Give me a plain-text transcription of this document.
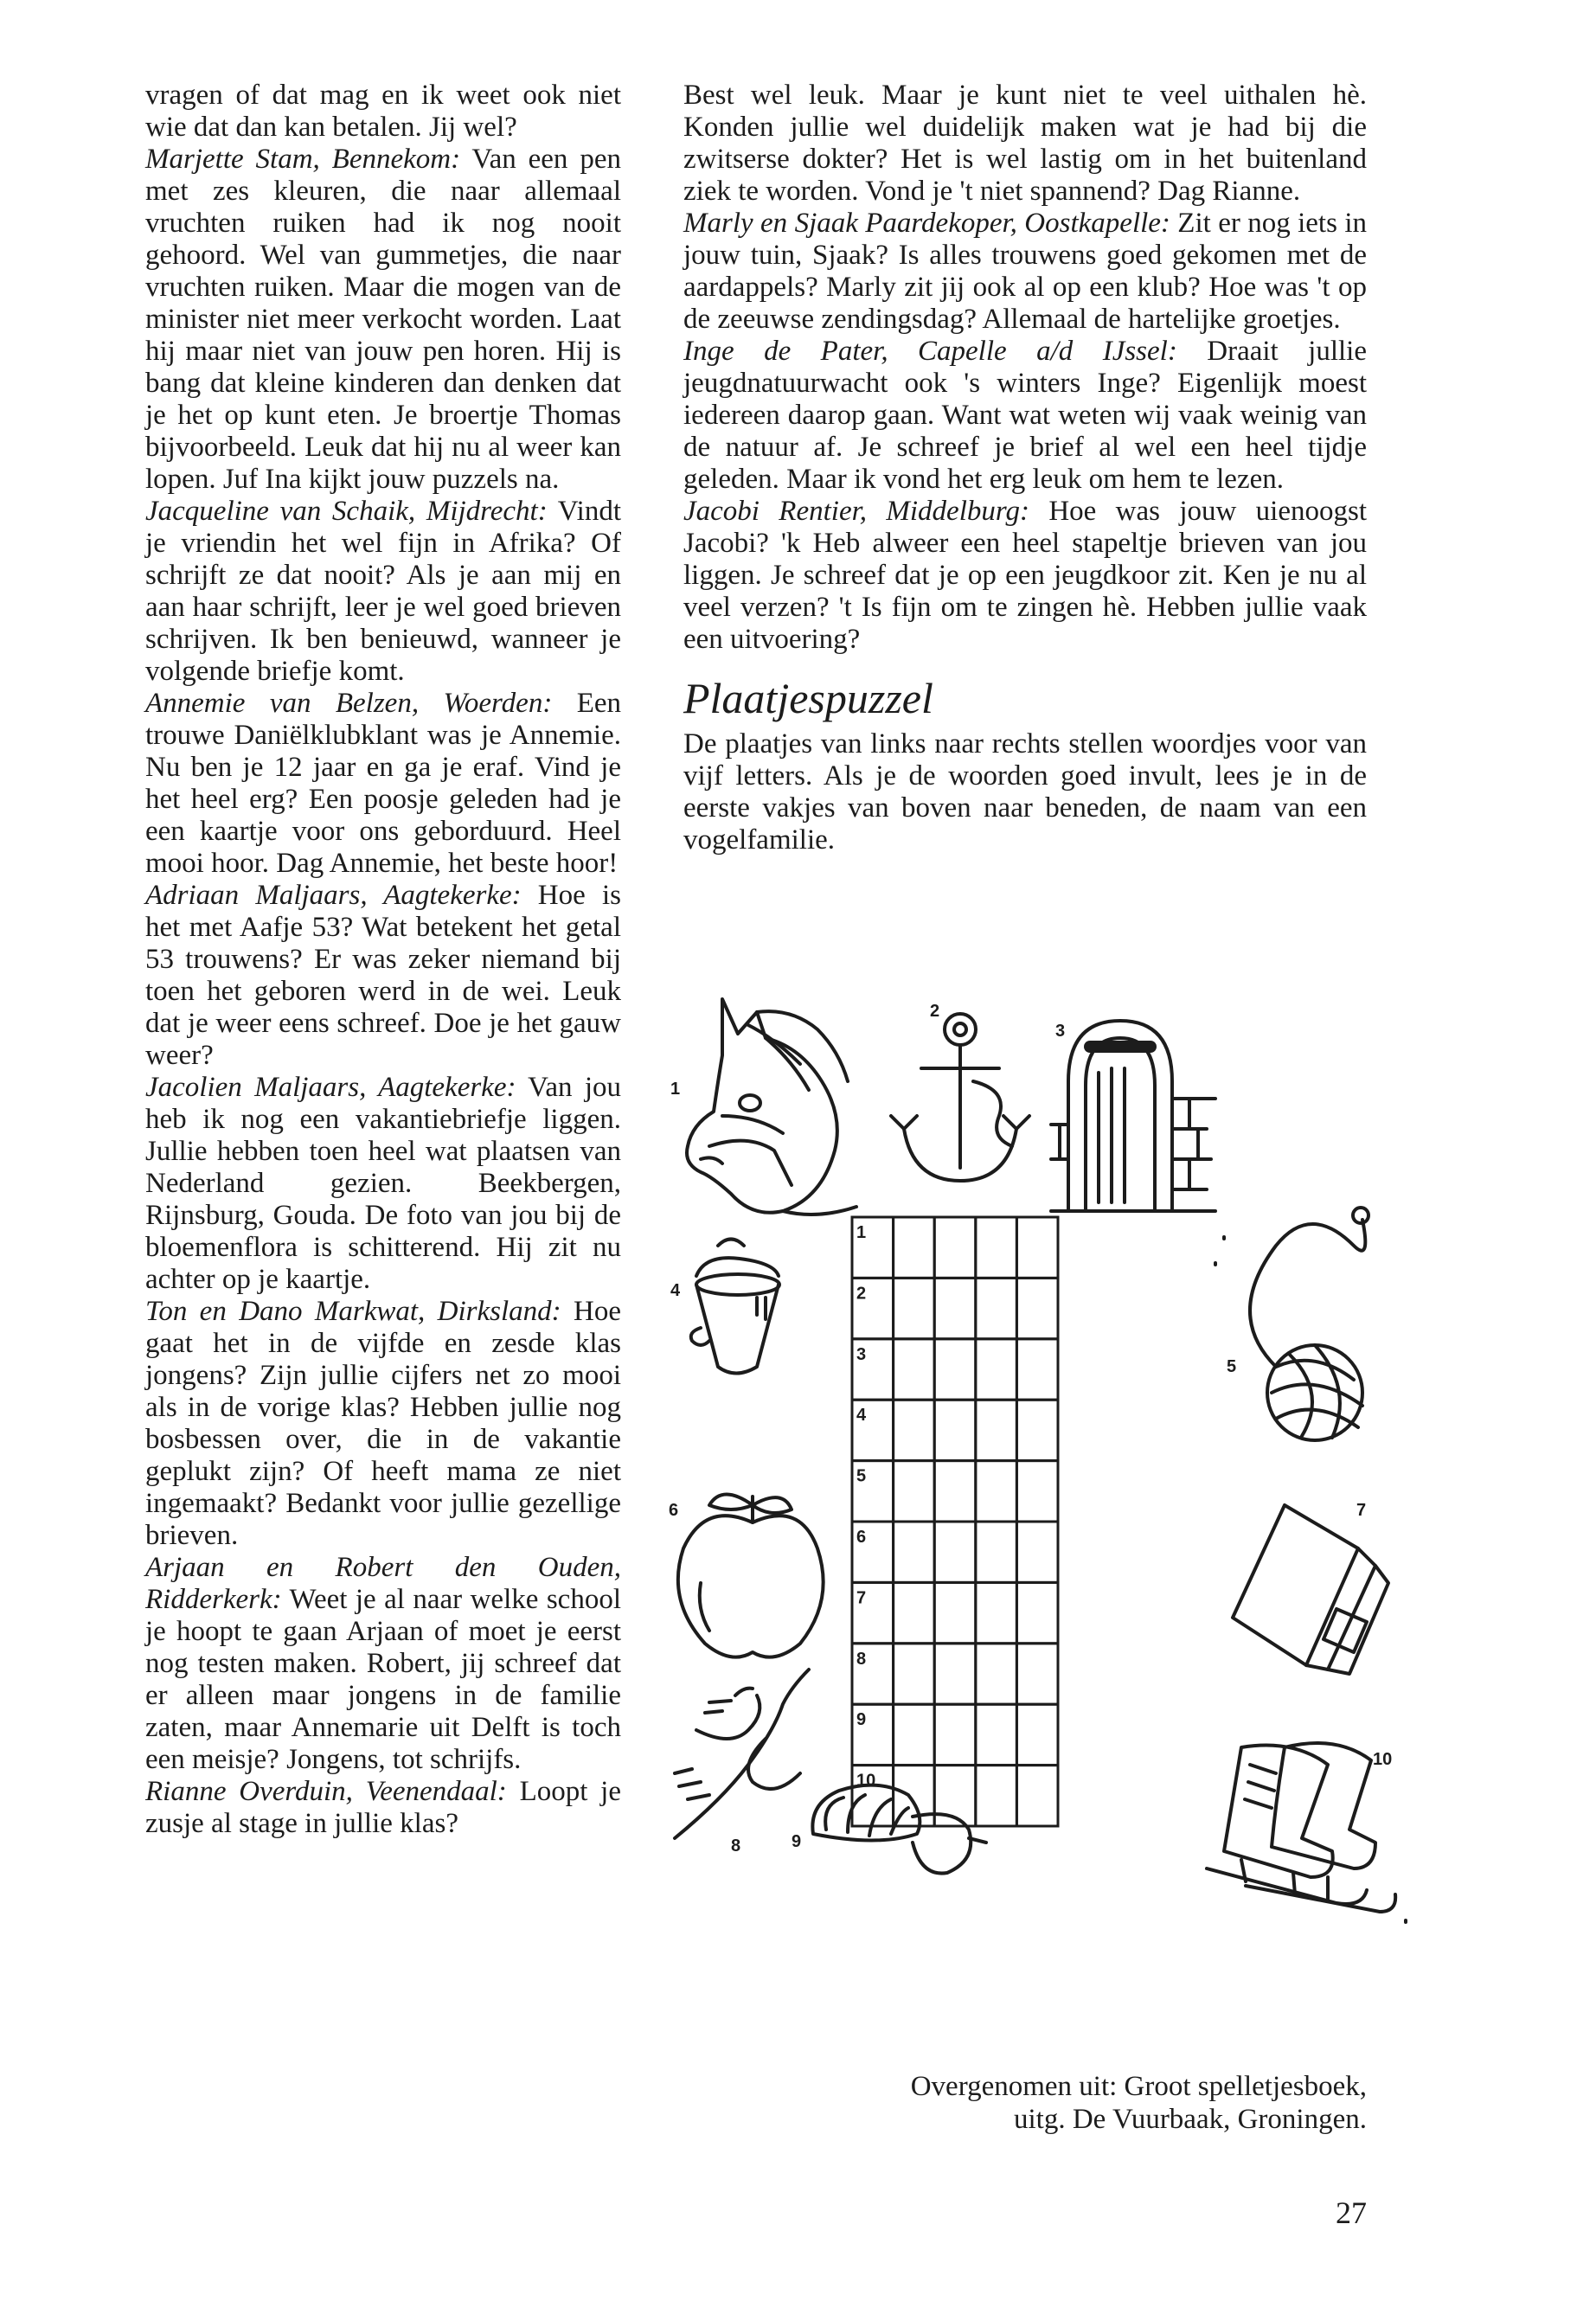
vragen of dat mag en ik weet ook niet wie dat dan kan betalen. Jij wel?

Marjette Stam, Bennekom: Van een pen met zes kleuren, die naar allemaal vruchten ruiken had ik nog nooit gehoord. Wel van gummetjes, die naar vruchten ruiken. Maar die mogen van de minister niet meer verkocht worden. Laat hij maar niet van jouw pen horen. Hij is bang dat kleine kinderen dan denken dat je het op kunt eten. Je broertje Thomas bijvoorbeeld. Leuk dat hij nu al weer kan lopen. Juf Ina kijkt jouw puzzels na.

Jacqueline van Schaik, Mijdrecht: Vindt je vriendin het wel fijn in Afrika? Of schrijft ze dat nooit? Als je aan mij en aan haar schrijft, leer je wel goed brieven schrijven. Ik ben benieuwd, wanneer je volgende briefje komt.

Annemie van Belzen, Woerden: Een trouwe Daniëlklubklant was je Annemie. Nu ben je 12 jaar en ga je eraf. Vind je het heel erg? Een poosje geleden had je een kaartje voor ons geborduurd. Heel mooi hoor. Dag Annemie, het beste hoor!

Adriaan Maljaars, Aagtekerke: Hoe is het met Aafje 53? Wat betekent het getal 53 trouwens? Er was zeker niemand bij toen het geboren werd in de wei. Leuk dat je weer eens schreef. Doe je het gauw weer?

Jacolien Maljaars, Aagtekerke: Van jou heb ik nog een vakantiebriefje liggen. Jullie hebben toen heel wat plaatsen van Nederland gezien. Beekbergen, Rijnsburg, Gouda. De foto van jou bij de bloemenflora is schitterend. Hij zit nu achter op je kaartje.

Ton en Dano Markwat, Dirksland: Hoe gaat het in de vijfde en zesde klas jongens? Zijn jullie cijfers net zo mooi als in de vorige klas? Hebben jullie nog bosbessen over, die in de vakantie geplukt zijn? Of heeft mama ze niet ingemaakt? Bedankt voor jullie gezellige brieven.

Arjaan en Robert den Ouden, Ridderkerk: Weet je al naar welke school je hoopt te gaan Arjaan of moet je eerst nog testen maken. Robert, jij schreef dat er alleen maar jongens in de familie zaten, maar Annemarie uit Delft is toch een meisje? Jongens, tot schrijfs.

Rianne Overduin, Veenendaal: Loopt je zusje al stage in jullie klas?

Best wel leuk. Maar je kunt niet te veel uithalen hè. Konden jullie wel duidelijk maken wat je had bij die zwitserse dokter? Het is wel lastig om in het buitenland ziek te worden. Vond je 't niet spannend? Dag Rianne.

Marly en Sjaak Paardekoper, Oostkapelle: Zit er nog iets in jouw tuin, Sjaak? Is alles trouwens goed gekomen met de aardappels? Marly zit jij ook al op een klub? Hoe was 't op de zeeuwse zendingsdag? Allemaal de hartelijke groetjes.

Inge de Pater, Capelle a/d IJssel: Draait jullie jeugdnatuurwacht ook 's winters Inge? Eigenlijk moest iedereen daarop gaan. Want wat weten wij vaak weinig van de natuur af. Je schreef je brief al wel een heel tijdje geleden. Maar ik vond het erg leuk om hem te lezen.

Jacobi Rentier, Middelburg: Hoe was jouw uienoogst Jacobi? 'k Heb alweer een heel stapeltje brieven van jou liggen. Je schreef dat je op een jeugdkoor zit. Ken je nu al veel verzen? 't Is fijn om te zingen hè. Hebben jullie vaak een uitvoering?

Plaatjespuzzel

De plaatjes van links naar rechts stellen woordjes voor van vijf letters. Als je de woorden goed invult, lees je in de eerste vakjes van boven naar beneden, de naam van een vogelfamilie.

2
3
4
5
6	7
8	9
10
1
1
2
3
4
5
6
7
8
9
10
Overgenomen uit: Groot spelletjesboek,
uitg. De Vuurbaak, Groningen.
27
